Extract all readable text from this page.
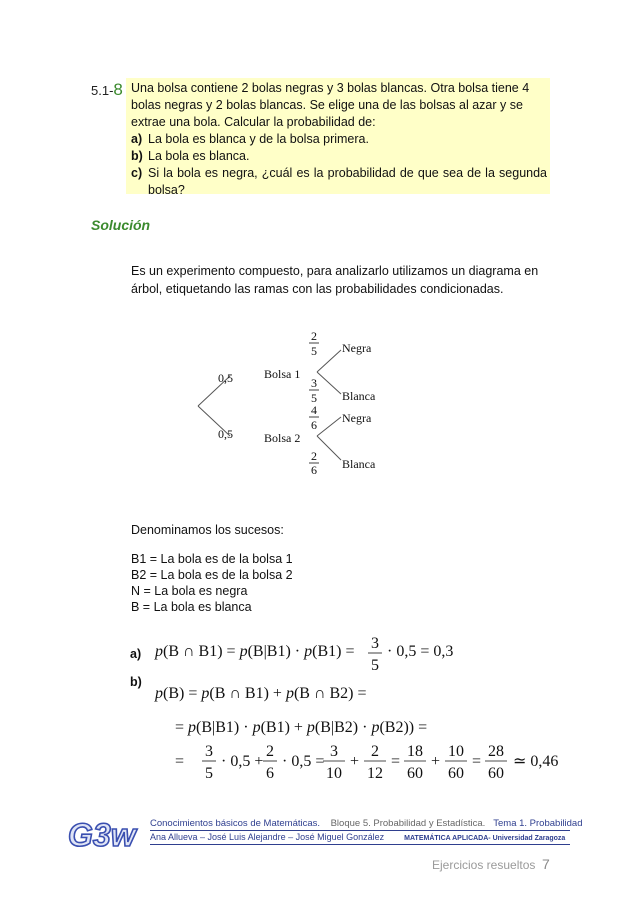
5.1-8 Una bolsa contiene 2 bolas negras y 3 bolas blancas. Otra bolsa tiene 4
bolas negras y 2 bolas blancas. Se elige una de las bolsas al azar y se
extrae una bola. Calcular la probabilidad de:
a) La bola es blanca y de la bolsa primera.
b) La bola es blanca.
c) Si la bola es negra, ¿cuál es la probabilidad de que sea de la segunda bolsa?
Solución
Es un experimento compuesto, para analizarlo utilizamos un diagrama en
árbol, etiquetando las ramas con las probabilidades condicionadas.
0,5
0,5
Bolsa 1
Bolsa 2
2
5
3
5
4
6
2
6
Negra
Blanca
Negra
Blanca
Denominamos los sucesos:
B1 = La bola es de la bolsa 1
B2 = La bola es de la bolsa 2
N = La bola es negra
B = La bola es blanca
a) p(B ∩ B1) = p(B|B1) · p(B1) = 3
5
· 0,5 = 0,3
b)
p(B) = p(B ∩ B1) + p(B ∩ B2) =
= p(B|B1) · p(B1) + p(B|B2) · p(B2)) =
=
3
5
· 0,5 +
2
6
· 0,5 =
3
10
+
2
12
=
18
60
+
10
60
=
28
60
≃ 0,46
G3w Conocimientos básicos de Matemáticas. Bloque 5. Probabilidad y Estadística. Tema 1. Probabilidad
Ana Allueva – José Luis Alejandre – José Miguel González	MATEMÁTICA APLICADA- Universidad Zaragoza
Ejercicios resueltos 7
